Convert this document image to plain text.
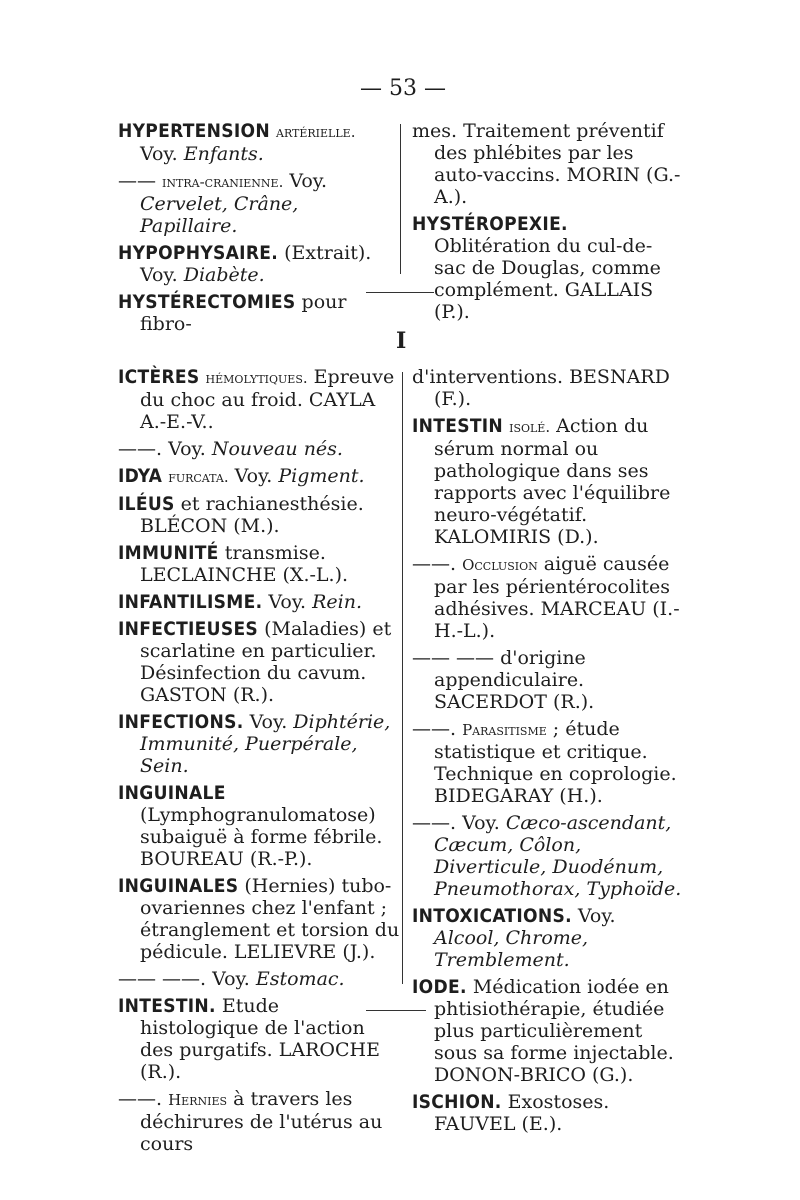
— 53 —

HYPERTENSION artérielle. Voy. Enfants.

—— intra-cranienne. Voy. Cervelet, Crâne, Papillaire.

HYPOPHYSAIRE. (Extrait). Voy. Diabète.

HYSTÉRECTOMIES pour fibro-

mes. Traitement préventif des phlébites par les auto-vaccins. MORIN (G.-A.).

HYSTÉROPEXIE. Oblitération du cul-de-sac de Douglas, comme complément. GALLAIS (P.).

I

ICTÈRES hémolytiques. Epreuve du choc au froid. CAYLA A.-E.-V..

——. Voy. Nouveau nés.

IDYA furcata. Voy. Pigment.

ILÉUS et rachianesthésie. BLÉCON (M.).

IMMUNITÉ transmise. LECLAINCHE (X.-L.).

INFANTILISME. Voy. Rein.

INFECTIEUSES (Maladies) et scarlatine en particulier. Désinfection du cavum. GASTON (R.).

INFECTIONS. Voy. Diphtérie, Immunité, Puerpérale, Sein.

INGUINALE (Lymphogranulomatose) subaiguë à forme fébrile. BOUREAU (R.-P.).

INGUINALES (Hernies) tubo-ovariennes chez l'enfant ; étranglement et torsion du pédicule. LELIEVRE (J.).

—— ——. Voy. Estomac.

INTESTIN. Etude histologique de l'action des purgatifs. LAROCHE (R.).

——. Hernies à travers les déchirures de l'utérus au cours

d'interventions. BESNARD (F.).

INTESTIN isolé. Action du sérum normal ou pathologique dans ses rapports avec l'équilibre neuro-végétatif. KALOMIRIS (D.).

——. Occlusion aiguë causée par les périentérocolites adhésives. MARCEAU (I.-H.-L.).

—— —— d'origine appendiculaire. SACERDOT (R.).

——. Parasitisme ; étude statistique et critique. Technique en coprologie. BIDEGARAY (H.).

——. Voy. Cæco-ascendant, Cæcum, Côlon, Diverticule, Duodénum, Pneumothorax, Typhoïde.

INTOXICATIONS. Voy. Alcool, Chrome, Tremblement.

IODE. Médication iodée en phtisiothérapie, étudiée plus particulièrement sous sa forme injectable. DONON-BRICO (G.).

ISCHION. Exostoses. FAUVEL (E.).
